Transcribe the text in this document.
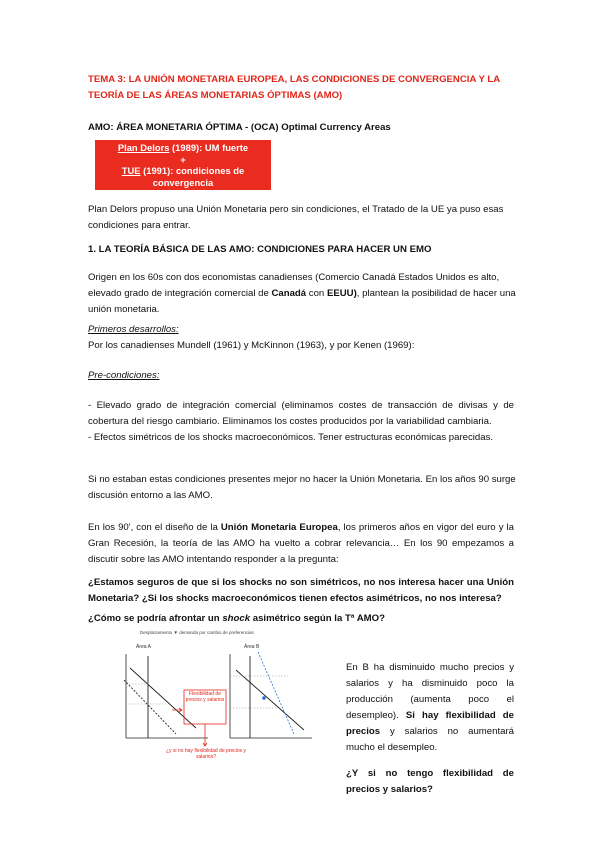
TEMA 3: LA UNIÓN MONETARIA EUROPEA, LAS CONDICIONES DE CONVERGENCIA Y LA TEORÍA DE LAS ÁREAS MONETARIAS ÓPTIMAS (AMO)
AMO: ÁREA MONETARIA ÓPTIMA - (OCA) Optimal Currency Areas
Plan Delors (1989): UM fuerte
+
TUE (1991): condiciones de convergencia

Plan Delors propuso una Unión Monetaria pero sin condiciones, el Tratado de la UE ya puso esas condiciones para entrar.

1. LA TEORÍA BÁSICA DE LAS AMO: CONDICIONES PARA HACER UN EMO

Origen en los 60s con dos economistas canadienses (Comercio Canadá Estados Unidos es alto, elevado grado de integración comercial de Canadá con EEUU), plantean la posibilidad de hacer una unión monetaria.

Primeros desarrollos:
Por los canadienses Mundell (1961) y McKinnon (1963), y por Kenen (1969):
Pre-condiciones:

- Elevado grado de integración comercial (eliminamos costes de transacción de divisas y de cobertura del riesgo cambiario. Eliminamos los costes producidos por la variabilidad cambiaria.

- Efectos simétricos de los shocks macroeconómicos. Tener estructuras económicas parecidas.

Si no estaban estas condiciones presentes mejor no hacer la Unión Monetaria. En los años 90 surge discusión entorno a las AMO.

En los 90', con el diseño de la Unión Monetaria Europea, los primeros años en vigor del euro y la Gran Recesión, la teoría de las AMO ha vuelto a cobrar relevancia… En los 90 empezamos a discutir sobre las AMO intentando responder a la pregunta:

¿Estamos seguros de que si los shocks no son simétricos, no nos interesa hacer una Unión Monetaria? ¿Si los shocks macroeconómicos tienen efectos asimétricos, no nos interesa?

¿Cómo se podría afrontar un shock asimétrico según la Tª AMO?
Desplazamiento ▼ demanda por cambio de preferencias
Área A
Flexibilidad de precios y salarios
¿y si no hay flexibilidad de precios y salarios?
Área B

En B ha disminuido mucho precios y salarios y ha disminuido poco la producción (aumenta poco el desempleo). Si hay flexibilidad de precios y salarios no aumentará mucho el desempleo.

¿Y si no tengo flexibilidad de precios y salarios?
